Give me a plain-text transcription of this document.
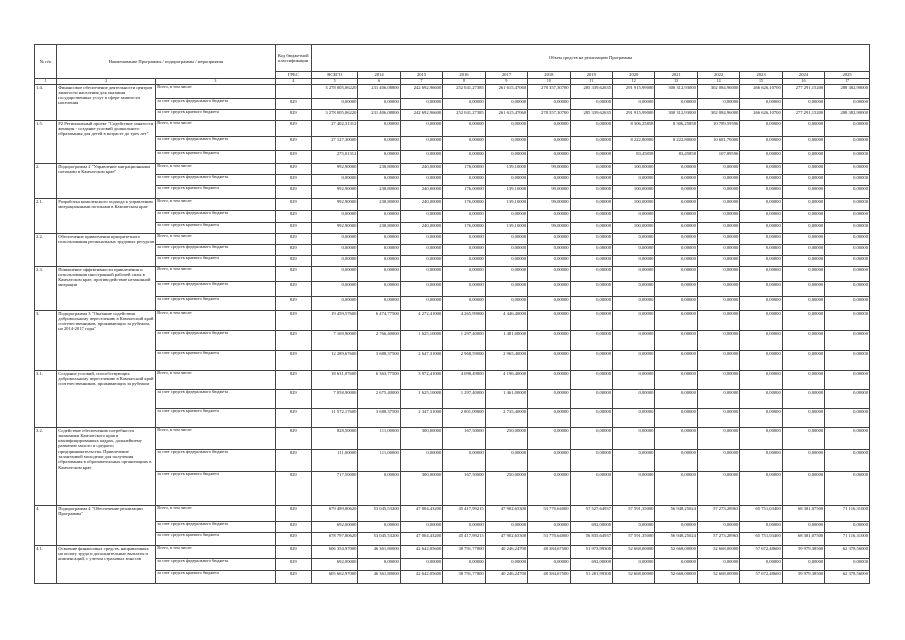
№ п/п	Наименование Программы / подпрограммы / мероприятия		Код бюджетной классификации	Объем средств на реализацию Программы												
			ГРБС	ВСЕГО	2014	2015	2016	2017	2018	2019	2020	2021	2022	2023	2024	2025
1	2	3	4	5	6	7	8	9	10	11	12	13	14	15	16	17
1.4.	Финансовое обеспечение деятельности центров занятости населения для оказания государственных услуг в сфере занятости населения	Всего, в том числе:		3 278 005,06220	231 406,08800	242 692,96600	252 041,27385	261 615,47060	278 357,30700	285 339,62635	291 915,99000	300 312,93000	302 084,96000	266 626,10700	277 291,15200	288 382,90000
		за счет средств федерального бюджета	829	0,00000	0,00000	0,00000	0,00000	0,00000	0,00000	0,00000	0,00000	0,00000	0,00000	0,00000	0,00000	0,00000
		за счет средств краевого бюджета	829	3 278 005,06220	231 406,08800	242 692,96600	252 041,27385	261 615,47060	278 357,30700	285 339,62635	291 915,99000	300 312,93000	302 084,96000	266 626,10700	277 291,15200	288 382,90000
1.5.	Р2 Региональный проект "Содействие занятости женщин - создание условий дошкольного образования для детей в возрасте до трех лет"	Всего, в том числе:	829	27 402,31312	0,00000	0,00000	0,00000	0,00000	0,00000	0,00000	8 306,25858	8 306,25858	10 789,59596	0,00000	0,00000	0,00000
		за счет средств федерального бюджета	829	27 127,30000	0,00000	0,00000	0,00000	0,00000	0,00000	0,00000	8 222,80000	8 222,80000	10 681,70000	0,00000	0,00000	0,00000
		за счет средств краевого бюджета	829	275,01312	0,00000	0,00000	0,00000	0,00000	0,00000	0,00000	83,45858	83,45858	107,89596	0,00000	0,00000	0,00000
2.	Подпрограмма 2 "Управление миграционными потоками в Камчатском крае"	Всего, в том числе:	829	992,90000	238,80000	240,00000	176,00000	139,10000	99,00000	0,00000	100,00000	0,00000	0,00000	0,00000	0,00000	0,00000
		за счет средств федерального бюджета	829	0,00000	0,00000	0,00000	0,00000	0,00000	0,00000	0,00000	0,00000	0,00000	0,00000	0,00000	0,00000	0,00000
		за счет средств краевого бюджета	829	992,90000	238,80000	240,00000	176,00000	139,10000	99,00000	0,00000	100,00000	0,00000	0,00000	0,00000	0,00000	0,00000
2.1.	Разработка комплексного подхода к управлению миграционными потоками в Камчатском крае	Всего, в том числе:	829	992,90000	238,80000	240,00000	176,00000	139,10000	99,00000	0,00000	100,00000	0,00000	0,00000	0,00000	0,00000	0,00000
		за счет средств федерального бюджета	829	0,00000	0,00000	0,00000	0,00000	0,00000	0,00000	0,00000	0,00000	0,00000	0,00000	0,00000	0,00000	0,00000
		за счет средств краевого бюджета	829	992,90000	238,80000	240,00000	176,00000	139,10000	99,00000	0,00000	100,00000	0,00000	0,00000	0,00000	0,00000	0,00000
2.2.	Обеспечение привлечения приоритетного использования региональных трудовых ресурсов	Всего, в том числе:	829	0,00000	0,00000	0,00000	0,00000	0,00000	0,00000	0,00000	0,00000	0,00000	0,00000	0,00000	0,00000	0,00000
		за счет средств федерального бюджета	829	0,00000	0,00000	0,00000	0,00000	0,00000	0,00000	0,00000	0,00000	0,00000	0,00000	0,00000	0,00000	0,00000
		за счет средств краевого бюджета	829	0,00000	0,00000	0,00000	0,00000	0,00000	0,00000	0,00000	0,00000	0,00000	0,00000	0,00000	0,00000	0,00000
2.3.	Повышение эффективности привлечения и использования иностранной рабочей силы в Камчатском крае, противодействие незаконной миграции	Всего, в том числе:	829	0,00000	0,00000	0,00000	0,00000	0,00000	0,00000	0,00000	0,00000	0,00000	0,00000	0,00000	0,00000	0,00000
		за счет средств федерального бюджета	829	0,00000	0,00000	0,00000	0,00000	0,00000	0,00000	0,00000	0,00000	0,00000	0,00000	0,00000	0,00000	0,00000
		за счет средств краевого бюджета	829	0,00000	0,00000	0,00000	0,00000	0,00000	0,00000	0,00000	0,00000	0,00000	0,00000	0,00000	0,00000	0,00000
3.	Подпрограмма 3 "Оказание содействия добровольному переселению в Камчатский край соотечественников, проживающих за рубежом, на 2014-2017 годы"	Всего, в том числе:	829	19 459,57600	6 474,77500	4 272,41000	4 265,99000	4 446,40000	0,00000	0,00000	0,00000	0,00000	0,00000	0,00000	0,00000	0,00000
		за счет средств федерального бюджета	829	7 169,90000	2 766,40000	1 625,10000	1 297,40000	1 481,00000	0,00000	0,00000	0,00000	0,00000	0,00000	0,00000	0,00000	0,00000
		за счет средств краевого бюджета	829	12 289,67600	3 688,37500	2 647,31000	2 968,59000	2 965,40000	0,00000	0,00000	0,00000	0,00000	0,00000	0,00000	0,00000	0,00000
3.1.	Создание условий, способствующих добровольному переселению в Камчатский край соотечественников, проживающих за рубежом	Всего, в том числе:	829	18 631,07600	6 363,77500	3 972,41000	4 098,49000	4 196,40000	0,00000	0,00000	0,00000	0,00000	0,00000	0,00000	0,00000	0,00000
		за счет средств федерального бюджета	829	7 058,90000	2 675,40000	1 625,10000	1 297,40000	1 461,00000	0,00000	0,00000	0,00000	0,00000	0,00000	0,00000	0,00000	0,00000
		за счет средств краевого бюджета	829	11 572,17600	3 688,37500	2 347,31000	2 801,09000	2 735,40000	0,00000	0,00000	0,00000	0,00000	0,00000	0,00000	0,00000	0,00000
3.2.	Содействие обеспечению потребности экономики Камчатского края в квалифицированных кадрах, дальнейшему развитию малого и среднего предпринимательства. Привлечение талантливой молодежи для получения образования в образовательных организациях в Камчатском крае	Всего, в том числе:	829	828,50000	111,00000	300,00000	167,50000	250,00000	0,00000	0,00000	0,00000	0,00000	0,00000	0,00000	0,00000	0,00000
		за счет средств федерального бюджета	829	111,00000	111,00000	0,00000	0,00000	0,00000	0,00000	0,00000	0,00000	0,00000	0,00000	0,00000	0,00000	0,00000
		за счет средств краевого бюджета	829	717,50000	0,00000	300,00000	167,50000	250,00000	0,00000	0,00000	0,00000	0,00000	0,00000	0,00000	0,00000	0,00000
4.	Подпрограмма 4 "Обеспечение реализации Программы"	Всего, в том числе:	829	679 489,80620	53 045,53200	47 004,43200	45 417,99215	47 902,65300	53 770,64000	57 527,64937	57 591,35000	56 948,25024	57 273,28963	65 751,03400	68 381,07500	71 116,31000
		за счет средств федерального бюджета	829	692,00000	0,00000	0,00000	0,00000	0,00000	0,00000	692,00000	0,00000	0,00000	0,00000	0,00000	0,00000	0,00000
		за счет средств краевого бюджета	829	678 797,80620	53 045,53200	47 004,43200	45 417,99215	47 902,65300	53 770,64000	56 835,64937	57 591,35000	56 948,25024	57 273,28963	65 751,03400	68 381,07500	71 116,31000
4.1.	Освоение финансовых средств, направленных на оплату труда и дополнительные выплаты и компенсаций, с учетом страховых взносов	Всего, в том числе:	829	606 354,97000	46 361,80000	42 642,05600	38 791,77800	40 246,24700	48 384,67500	51 973,99300	52 668,00000	52 668,00000	52 668,00000	57 672,48600	59 979,38500	62 378,56000
		за счет средств федерального бюджета	829	692,00000	0,00000	0,00000	0,00000	0,00000	0,00000	692,00000	0,00000	0,00000	0,00000	0,00000	0,00000	0,00000
		за счет средств краевого бюджета	829	605 662,97000	46 361,80000	42 642,05600	38 791,77800	40 246,24700	48 384,67500	51 281,99300	52 668,00000	52 668,00000	52 668,00000	57 672,48600	59 979,38500	62 378,56000
